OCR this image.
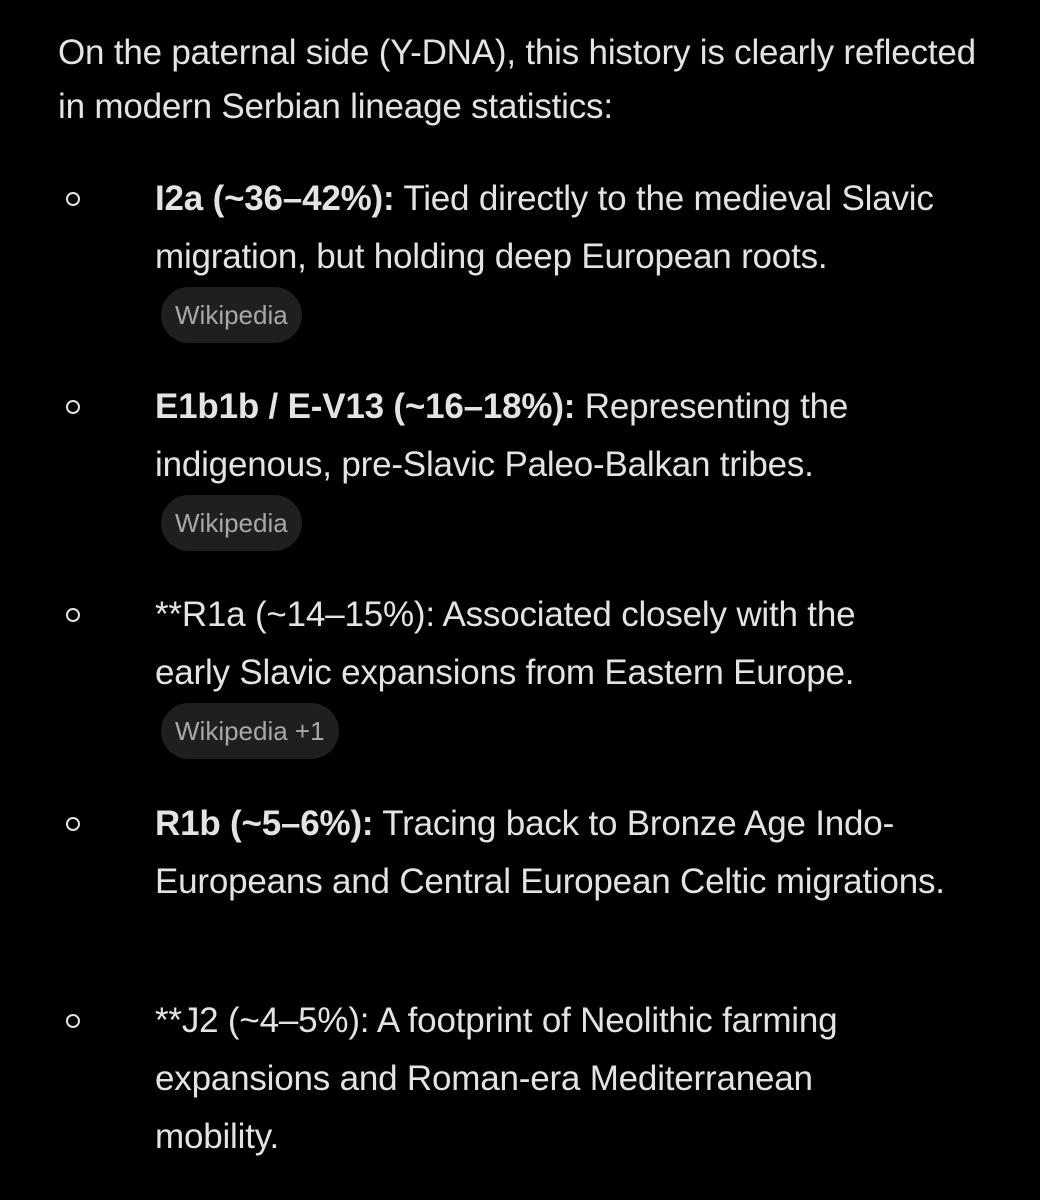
On the paternal side (Y-DNA), this history is clearly reflected in modern Serbian lineage statistics:

I2a (~36–42%): Tied directly to the medieval Slavic migration, but holding deep European roots.Wikipedia
E1b1b / E-V13 (~16–18%): Representing the indigenous, pre-Slavic Paleo-Balkan tribes.Wikipedia
**R1a (~14–15%): Associated closely with the early Slavic expansions from Eastern Europe.Wikipedia +1
R1b (~5–6%): Tracing back to Bronze Age Indo-Europeans and Central European Celtic migrations.
**J2 (~4–5%): A footprint of Neolithic farming expansions and Roman-era Mediterranean mobility.
